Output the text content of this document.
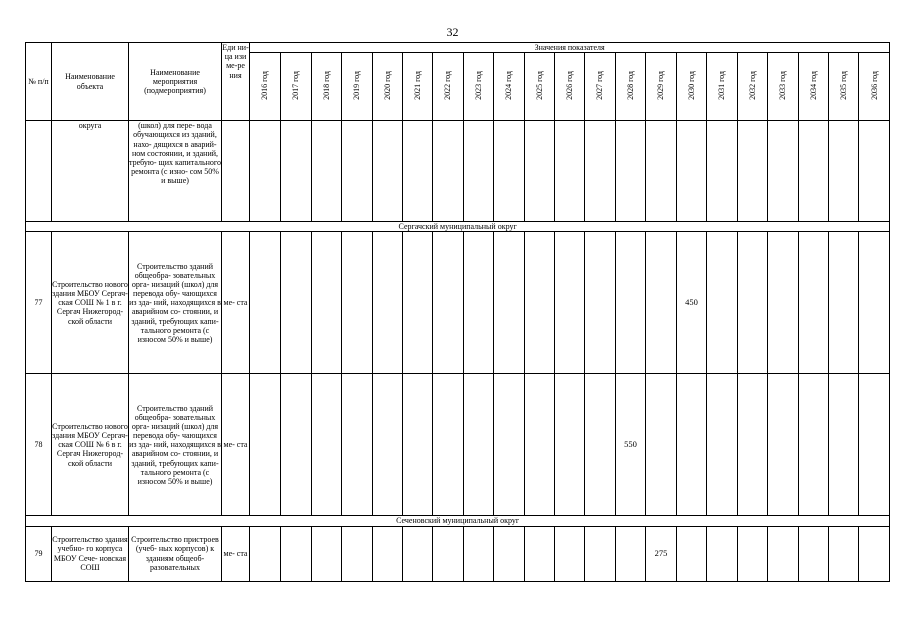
32
№ п/п	Наименование объекта	Наименование мероприятия (подмероприятия)	Еди ни-ца изи ме-ре ния	Значения показателя																				
				2016 год	2017 год	2018 год	2019 год	2020 год	2021 год	2022 год	2023 год	2024 год	2025 год	2026 год	2027 год	2028 год	2029 год	2030 год	2031 год	2032 год	2033 год	2034 год	2035 год	2036 год
	округа	(школ) для пере- вода обучающихся из зданий, нахо- дящихся в аварий- ном состоянии, и зданий, требую- щих капитального ремонта (с изно- сом 50% и выше)																						
Сергачский муниципальный округ																								
77	Строительство нового здания МБОУ Сергач- ская СОШ № 1 в г. Сергач Нижегород- ской области	Строительство зданий общеобра- зовательных орга- низаций (школ) для перевода обу- чающихся из зда- ний, находящихся в аварийном со- стоянии, и зданий, требующих капи- тального ремонта (с износом 50% и выше)	ме- ста															450						
78	Строительство нового здания МБОУ Сергач- ская СОШ № 6 в г. Сергач Нижегород- ской области	Строительство зданий общеобра- зовательных орга- низаций (школ) для перевода обу- чающихся из зда- ний, находящихся в аварийном со- стоянии, и зданий, требующих капи- тального ремонта (с износом 50% и выше)	ме- ста													550								
Сеченовский муниципальный округ																								
79	Строительство здания учебно- го корпуса МБОУ Сече- новская СОШ	Строительство пристроев (учеб- ных корпусов) к зданиям общеоб- разовательных	ме- ста														275							
